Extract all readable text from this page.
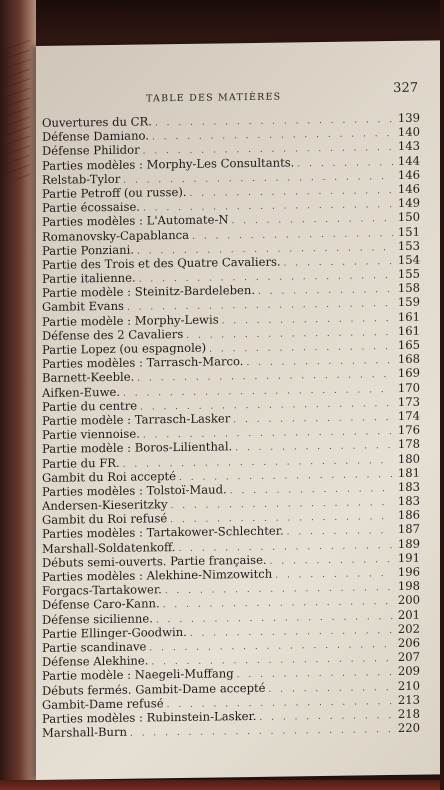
327
TABLE DES MATIÈRES
Ouvertures du CR. . . .	139
Défense Damiano. . . .	140
Défense Philidor . . .	143
Parties modèles : Morphy-Les Consultants. . . .	144
Relstab-Tylor . . .	146
Partie Petroff (ou russe). . . .	146
Partie écossaise. . . .	149
Parties modèles : L'Automate-N . . .	150
Romanovsky-Capablanca . . .	151
Partie Ponziani. . . .	153
Partie des Trois et des Quatre Cavaliers. . . .	154
Partie italienne. . . .	155
Partie modèle : Steinitz-Bardeleben. . . .	158
Gambit Evans . . .	159
Partie modèle : Morphy-Lewis . . .	161
Défense des 2 Cavaliers . . .	161
Partie Lopez (ou espagnole) . . .	165
Parties modèles : Tarrasch-Marco. . . .	168
Barnett-Keeble. . . .	169
Aifken-Euwe. . . .	170
Partie du centre . . .	173
Partie modèle : Tarrasch-Lasker . . .	174
Partie viennoise. . . .	176
Partie modèle : Boros-Lilienthal. . . .	178
Partie du FR. . . .	180
Gambit du Roi accepté . . .	181
Parties modèles : Tolstoï-Maud. . . .	183
Andersen-Kieseritzky . . .	183
Gambit du Roi refusé . . .	186
Parties modèles : Tartakower-Schlechter. . . .	187
Marshall-Soldatenkoff. . . .	189
Débuts semi-ouverts. Partie française. . . .	191
Parties modèles : Alekhine-Nimzowitch . . .	196
Forgacs-Tartakower. . . .	198
Défense Caro-Kann. . . .	200
Défense sicilienne. . . .	201
Partie Ellinger-Goodwin. . . .	202
Partie scandinave . . .	206
Défense Alekhine. . . .	207
Partie modèle : Naegeli-Muffang . . .	209
Débuts fermés. Gambit-Dame accepté . . .	210
Gambit-Dame refusé . . .	213
Parties modèles : Rubinstein-Lasker. . . .	218
Marshall-Burn . . .	220
